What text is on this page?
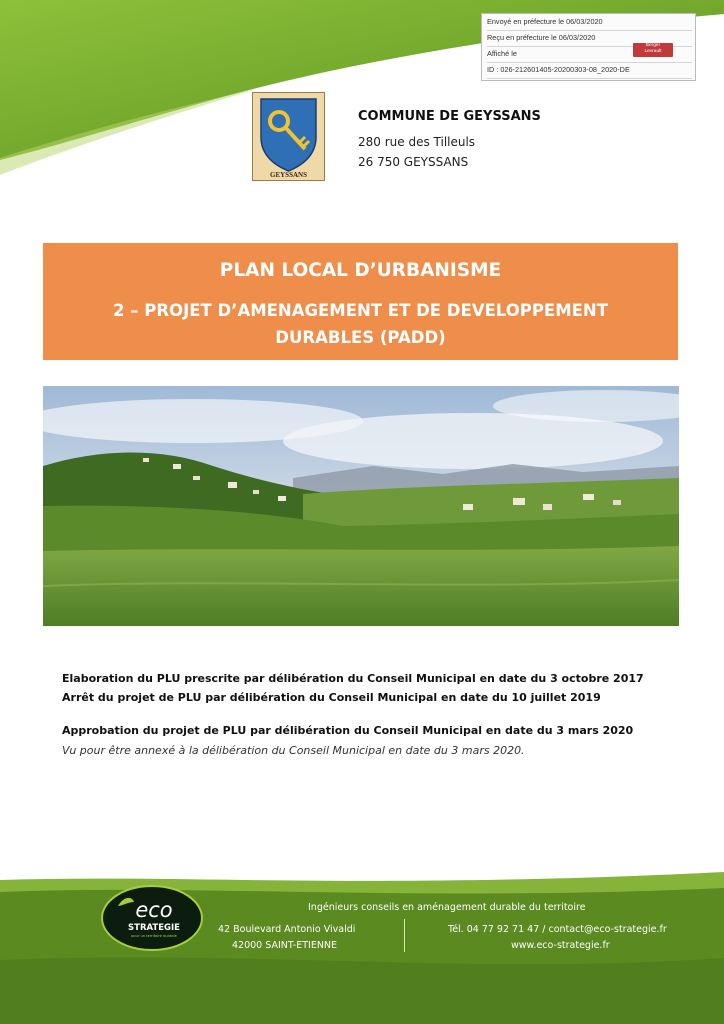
Envoyé en préfecture le 06/03/2020
Reçu en préfecture le 06/03/2020
Affiché le
ID : 026-212601405-20200303-08_2020-DE
Berger
Levrault
GEYSSANS
COMMUNE DE GEYSSANS
280 rue des Tilleuls
26 750 GEYSSANS
PLAN LOCAL D’URBANISME
2 – PROJET D’AMENAGEMENT ET DE DEVELOPPEMENT
DURABLES (PADD)
Elaboration du PLU prescrite par délibération du Conseil Municipal en date du 3 octobre 2017
Arrêt du projet de PLU par délibération du Conseil Municipal en date du 10 juillet 2019
Approbation du projet de PLU par délibération du Conseil Municipal en date du 3 mars 2020
Vu pour être annexé à la délibération du Conseil Municipal en date du 3 mars 2020.
eco
STRATEGIE
pour un territoire durable
Ingénieurs conseils en aménagement durable du territoire
42 Boulevard Antonio Vivaldi
42000 SAINT-ETIENNE
Tél. 04 77 92 71 47 / contact@eco-strategie.fr
www.eco-strategie.fr
